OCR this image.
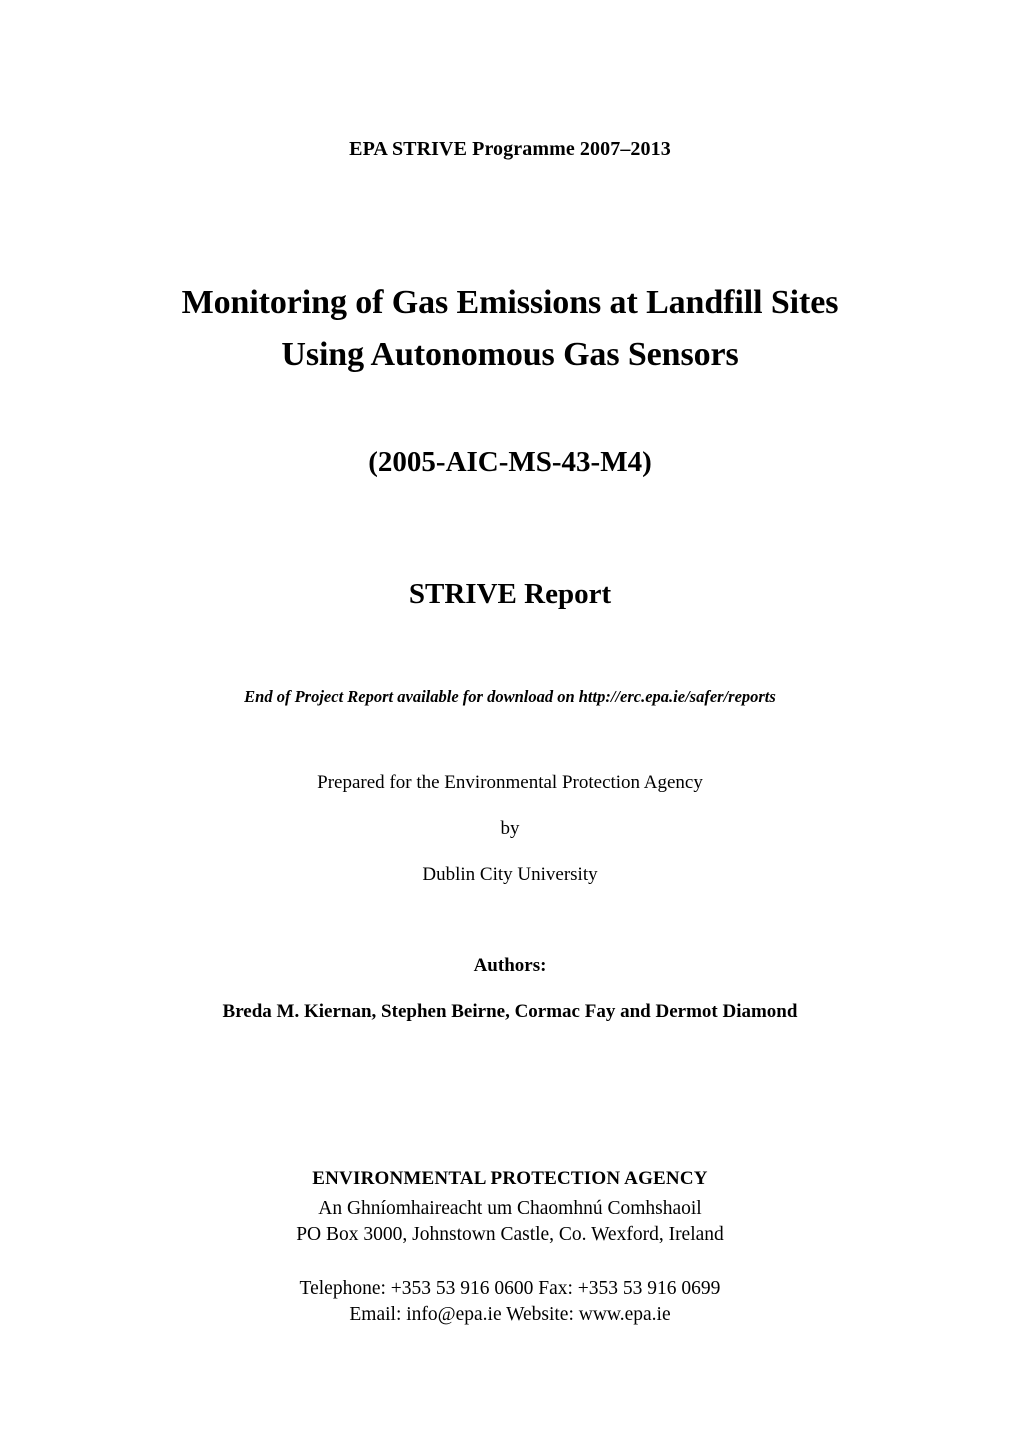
EPA STRIVE Programme 2007–2013
Monitoring of Gas Emissions at Landfill Sites
Using Autonomous Gas Sensors
(2005-AIC-MS-43-M4)
STRIVE Report
End of Project Report available for download on http://erc.epa.ie/safer/reports
Prepared for the Environmental Protection Agency
by
Dublin City University
Authors:
Breda M. Kiernan, Stephen Beirne, Cormac Fay and Dermot Diamond
ENVIRONMENTAL PROTECTION AGENCY
An Ghníomhaireacht um Chaomhnú Comhshaoil
PO Box 3000, Johnstown Castle, Co. Wexford, Ireland
Telephone: +353 53 916 0600 Fax: +353 53 916 0699
Email: info@epa.ie Website: www.epa.ie
